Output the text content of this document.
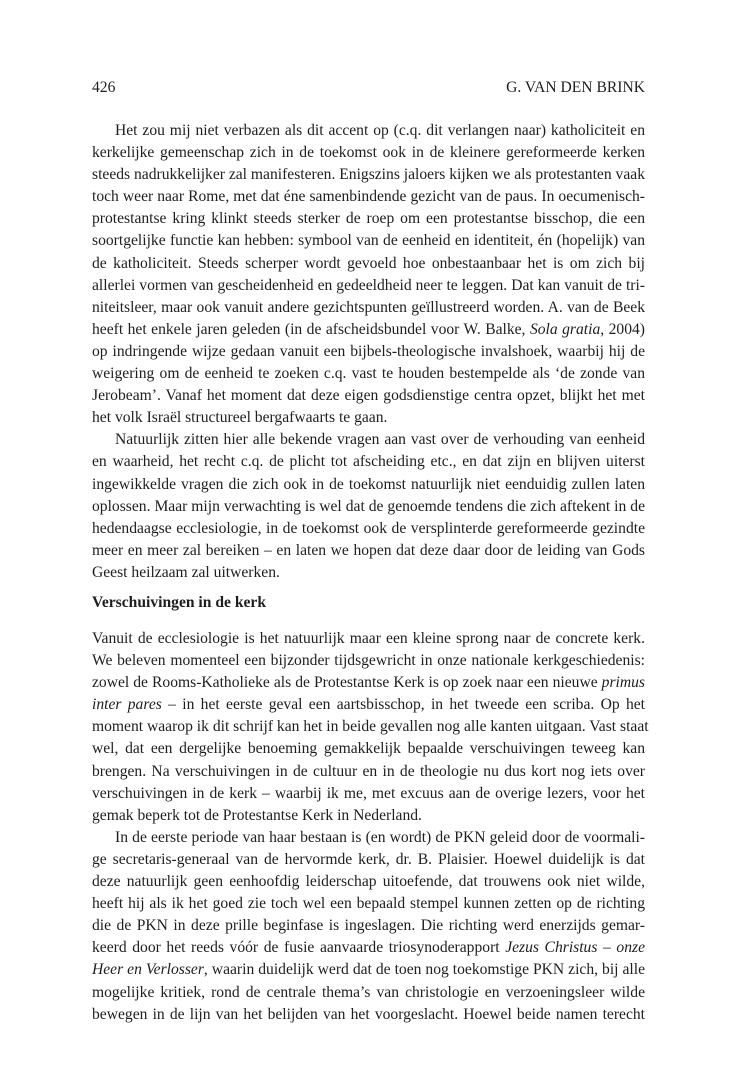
426	G. VAN DEN BRINK

Het zou mij niet verbazen als dit accent op (c.q. dit verlangen naar) katholiciteit en
kerkelijke gemeenschap zich in de toekomst ook in de kleinere gereformeerde kerken
steeds nadrukkelijker zal manifesteren. Enigszins jaloers kijken we als protestanten vaak
toch weer naar Rome, met dat éne samenbindende gezicht van de paus. In oecumenisch-
protestantse kring klinkt steeds sterker de roep om een protestantse bisschop, die een
soortgelijke functie kan hebben: symbool van de eenheid en identiteit, én (hopelijk) van
de katholiciteit. Steeds scherper wordt gevoeld hoe onbestaanbaar het is om zich bij
allerlei vormen van gescheidenheid en gedeeldheid neer te leggen. Dat kan vanuit de tri-
niteitsleer, maar ook vanuit andere gezichtspunten geïllustreerd worden. A. van de Beek
heeft het enkele jaren geleden (in de afscheidsbundel voor W. Balke, Sola gratia, 2004)
op indringende wijze gedaan vanuit een bijbels-theologische invalshoek, waarbij hij de
weigering om de eenheid te zoeken c.q. vast te houden bestempelde als ‘de zonde van
Jerobeam’. Vanaf het moment dat deze eigen godsdienstige centra opzet, blijkt het met
het volk Israël structureel bergafwaarts te gaan.

Natuurlijk zitten hier alle bekende vragen aan vast over de verhouding van eenheid
en waarheid, het recht c.q. de plicht tot afscheiding etc., en dat zijn en blijven uiterst
ingewikkelde vragen die zich ook in de toekomst natuurlijk niet eenduidig zullen laten
oplossen. Maar mijn verwachting is wel dat de genoemde tendens die zich aftekent in de
hedendaagse ecclesiologie, in de toekomst ook de versplinterde gereformeerde gezindte
meer en meer zal bereiken – en laten we hopen dat deze daar door de leiding van Gods
Geest heilzaam zal uitwerken.

Verschuivingen in de kerk

Vanuit de ecclesiologie is het natuurlijk maar een kleine sprong naar de concrete kerk.
We beleven momenteel een bijzonder tijdsgewricht in onze nationale kerkgeschiedenis:
zowel de Rooms-Katholieke als de Protestantse Kerk is op zoek naar een nieuwe primus
inter pares – in het eerste geval een aartsbisschop, in het tweede een scriba. Op het
moment waarop ik dit schrijf kan het in beide gevallen nog alle kanten uitgaan. Vast staat
wel, dat een dergelijke benoeming gemakkelijk bepaalde verschuivingen teweeg kan
brengen. Na verschuivingen in de cultuur en in de theologie nu dus kort nog iets over
verschuivingen in de kerk – waarbij ik me, met excuus aan de overige lezers, voor het
gemak beperk tot de Protestantse Kerk in Nederland.

In de eerste periode van haar bestaan is (en wordt) de PKN geleid door de voormali-
ge secretaris-generaal van de hervormde kerk, dr. B. Plaisier. Hoewel duidelijk is dat
deze natuurlijk geen eenhoofdig leiderschap uitoefende, dat trouwens ook niet wilde,
heeft hij als ik het goed zie toch wel een bepaald stempel kunnen zetten op de richting
die de PKN in deze prille beginfase is ingeslagen. Die richting werd enerzijds gemar-
keerd door het reeds vóór de fusie aanvaarde triosynoderapport Jezus Christus – onze
Heer en Verlosser, waarin duidelijk werd dat de toen nog toekomstige PKN zich, bij alle
mogelijke kritiek, rond de centrale thema’s van christologie en verzoeningsleer wilde
bewegen in de lijn van het belijden van het voorgeslacht. Hoewel beide namen terecht
